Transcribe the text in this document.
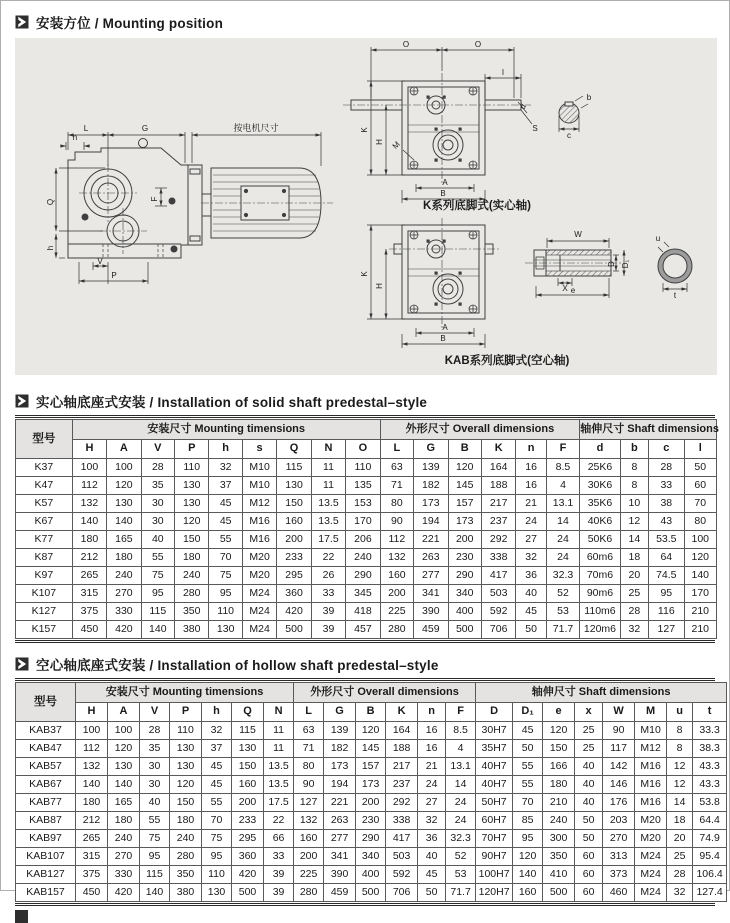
安装方位 / Mounting position
L	G	按电机尺寸
n
Q
h
V
P
F
O	O
I
K
H
d
S
M
A
B
c
b
K系列底脚式(实心轴)
K
H
A
B
W
D D₁
X e
u
t
KAB系列底脚式(空心轴)
实心轴底座式安装 / Installation of solid shaft predestal–style
型号	安装尺寸 Mounting timensions									外形尺寸 Overall dimensions						轴伸尺寸 Shaft dimensions			
	H	A	V	P	h	s	Q	N	O	L	G	B	K	n	F	d	b	c	l
K37	100	100	28	110	32	M10	115	11	110	63	139	120	164	16	8.5	25K6	8	28	50
K47	112	120	35	130	37	M10	130	11	135	71	182	145	188	16	4	30K6	8	33	60
K57	132	130	30	130	45	M12	150	13.5	153	80	173	157	217	21	13.1	35K6	10	38	70
K67	140	140	30	120	45	M16	160	13.5	170	90	194	173	237	24	14	40K6	12	43	80
K77	180	165	40	150	55	M16	200	17.5	206	112	221	200	292	27	24	50K6	14	53.5	100
K87	212	180	55	180	70	M20	233	22	240	132	263	230	338	32	24	60m6	18	64	120
K97	265	240	75	240	75	M20	295	26	290	160	277	290	417	36	32.3	70m6	20	74.5	140
K107	315	270	95	280	95	M24	360	33	345	200	341	340	503	40	52	90m6	25	95	170
K127	375	330	115	350	110	M24	420	39	418	225	390	400	592	45	53	110m6	28	116	210
K157	450	420	140	380	130	M24	500	39	457	280	459	500	706	50	71.7	120m6	32	127	210
空心轴底座式安装 / Installation of hollow shaft predestal–style
型号	安装尺寸 Mounting timensions							外形尺寸 Overall dimensions						轴伸尺寸 Shaft dimensions							
	H	A	V	P	h	Q	N	L	G	B	K	n	F	D	D₁	e	x	W	M	u	t
KAB37	100	100	28	110	32	115	11	63	139	120	164	16	8.5	30H7	45	120	25	90	M10	8	33.3
KAB47	112	120	35	130	37	130	11	71	182	145	188	16	4	35H7	50	150	25	117	M12	8	38.3
KAB57	132	130	30	130	45	150	13.5	80	173	157	217	21	13.1	40H7	55	166	40	142	M16	12	43.3
KAB67	140	140	30	120	45	160	13.5	90	194	173	237	24	14	40H7	55	180	40	146	M16	12	43.3
KAB77	180	165	40	150	55	200	17.5	127	221	200	292	27	24	50H7	70	210	40	176	M16	14	53.8
KAB87	212	180	55	180	70	233	22	132	263	230	338	32	24	60H7	85	240	50	203	M20	18	64.4
KAB97	265	240	75	240	75	295	66	160	277	290	417	36	32.3	70H7	95	300	50	270	M20	20	74.9
KAB107	315	270	95	280	95	360	33	200	341	340	503	40	52	90H7	120	350	60	313	M24	25	95.4
KAB127	375	330	115	350	110	420	39	225	390	400	592	45	53	100H7	140	410	60	373	M24	28	106.4
KAB157	450	420	140	380	130	500	39	280	459	500	706	50	71.7	120H7	160	500	60	460	M24	32	127.4
